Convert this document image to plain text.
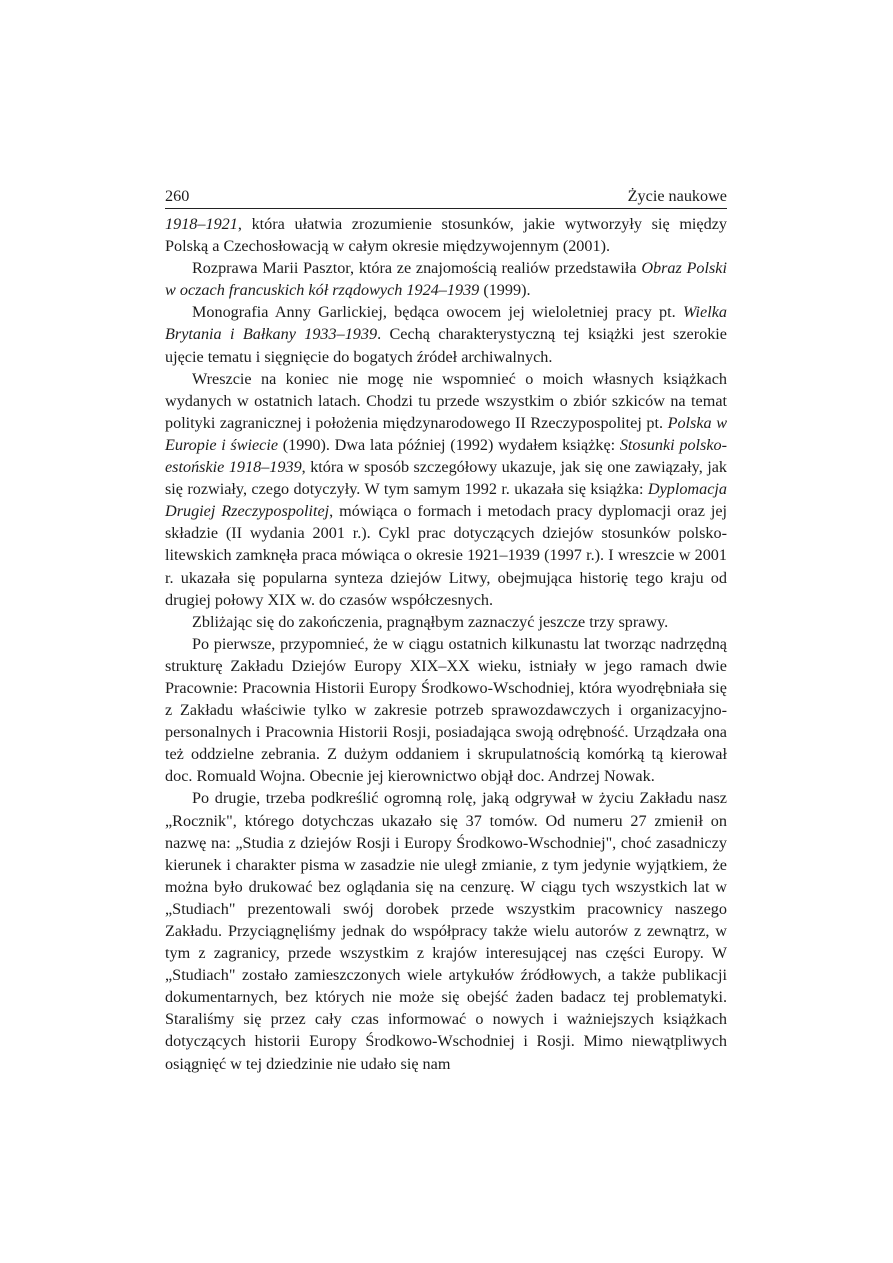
260	Życie naukowe

1918–1921, która ułatwia zrozumienie stosunków, jakie wytworzyły się między Polską a Czechosłowacją w całym okresie międzywojennym (2001).

Rozprawa Marii Pasztor, która ze znajomością realiów przedstawiła Obraz Polski w oczach francuskich kół rządowych 1924–1939 (1999).

Monografia Anny Garlickiej, będąca owocem jej wieloletniej pracy pt. Wielka Brytania i Bałkany 1933–1939. Cechą charakterystyczną tej książki jest szerokie ujęcie tematu i sięgnięcie do bogatych źródeł archiwalnych.

Wreszcie na koniec nie mogę nie wspomnieć o moich własnych książkach wydanych w ostatnich latach. Chodzi tu przede wszystkim o zbiór szkiców na temat polityki zagranicznej i położenia międzynarodowego II Rzeczypospolitej pt. Polska w Europie i świecie (1990). Dwa lata później (1992) wydałem książkę: Stosunki polsko-estońskie 1918–1939, która w sposób szczegółowy ukazuje, jak się one zawiązały, jak się rozwiały, czego dotyczyły. W tym samym 1992 r. ukazała się książka: Dyplomacja Drugiej Rzeczypospolitej, mówiąca o formach i metodach pracy dyplomacji oraz jej składzie (II wydania 2001 r.). Cykl prac dotyczących dziejów stosunków polsko-litewskich zamknęła praca mówiąca o okresie 1921–1939 (1997 r.). I wreszcie w 2001 r. ukazała się popularna synteza dziejów Litwy, obejmująca historię tego kraju od drugiej połowy XIX w. do czasów współczesnych.

Zbliżając się do zakończenia, pragnąłbym zaznaczyć jeszcze trzy sprawy.

Po pierwsze, przypomnieć, że w ciągu ostatnich kilkunastu lat tworząc nadrzędną strukturę Zakładu Dziejów Europy XIX–XX wieku, istniały w jego ramach dwie Pracownie: Pracownia Historii Europy Środkowo-Wschodniej, która wyodrębniała się z Zakładu właściwie tylko w zakresie potrzeb sprawozdawczych i organizacyjno-personalnych i Pracownia Historii Rosji, posiadająca swoją odrębność. Urządzała ona też oddzielne zebrania. Z dużym oddaniem i skrupulatnością komórką tą kierował doc. Romuald Wojna. Obecnie jej kierownictwo objął doc. Andrzej Nowak.

Po drugie, trzeba podkreślić ogromną rolę, jaką odgrywał w życiu Zakładu nasz „Rocznik", którego dotychczas ukazało się 37 tomów. Od numeru 27 zmienił on nazwę na: „Studia z dziejów Rosji i Europy Środkowo-Wschodniej", choć zasadniczy kierunek i charakter pisma w zasadzie nie uległ zmianie, z tym jedynie wyjątkiem, że można było drukować bez oglądania się na cenzurę. W ciągu tych wszystkich lat w „Studiach" prezentowali swój dorobek przede wszystkim pracownicy naszego Zakładu. Przyciągnęliśmy jednak do współpracy także wielu autorów z zewnątrz, w tym z zagranicy, przede wszystkim z krajów interesującej nas części Europy. W „Studiach" zostało zamieszczonych wiele artykułów źródłowych, a także publikacji dokumentarnych, bez których nie może się obejść żaden badacz tej problematyki. Staraliśmy się przez cały czas informować o nowych i ważniejszych książkach dotyczących historii Europy Środkowo-Wschodniej i Rosji. Mimo niewątpliwych osiągnięć w tej dziedzinie nie udało się nam
